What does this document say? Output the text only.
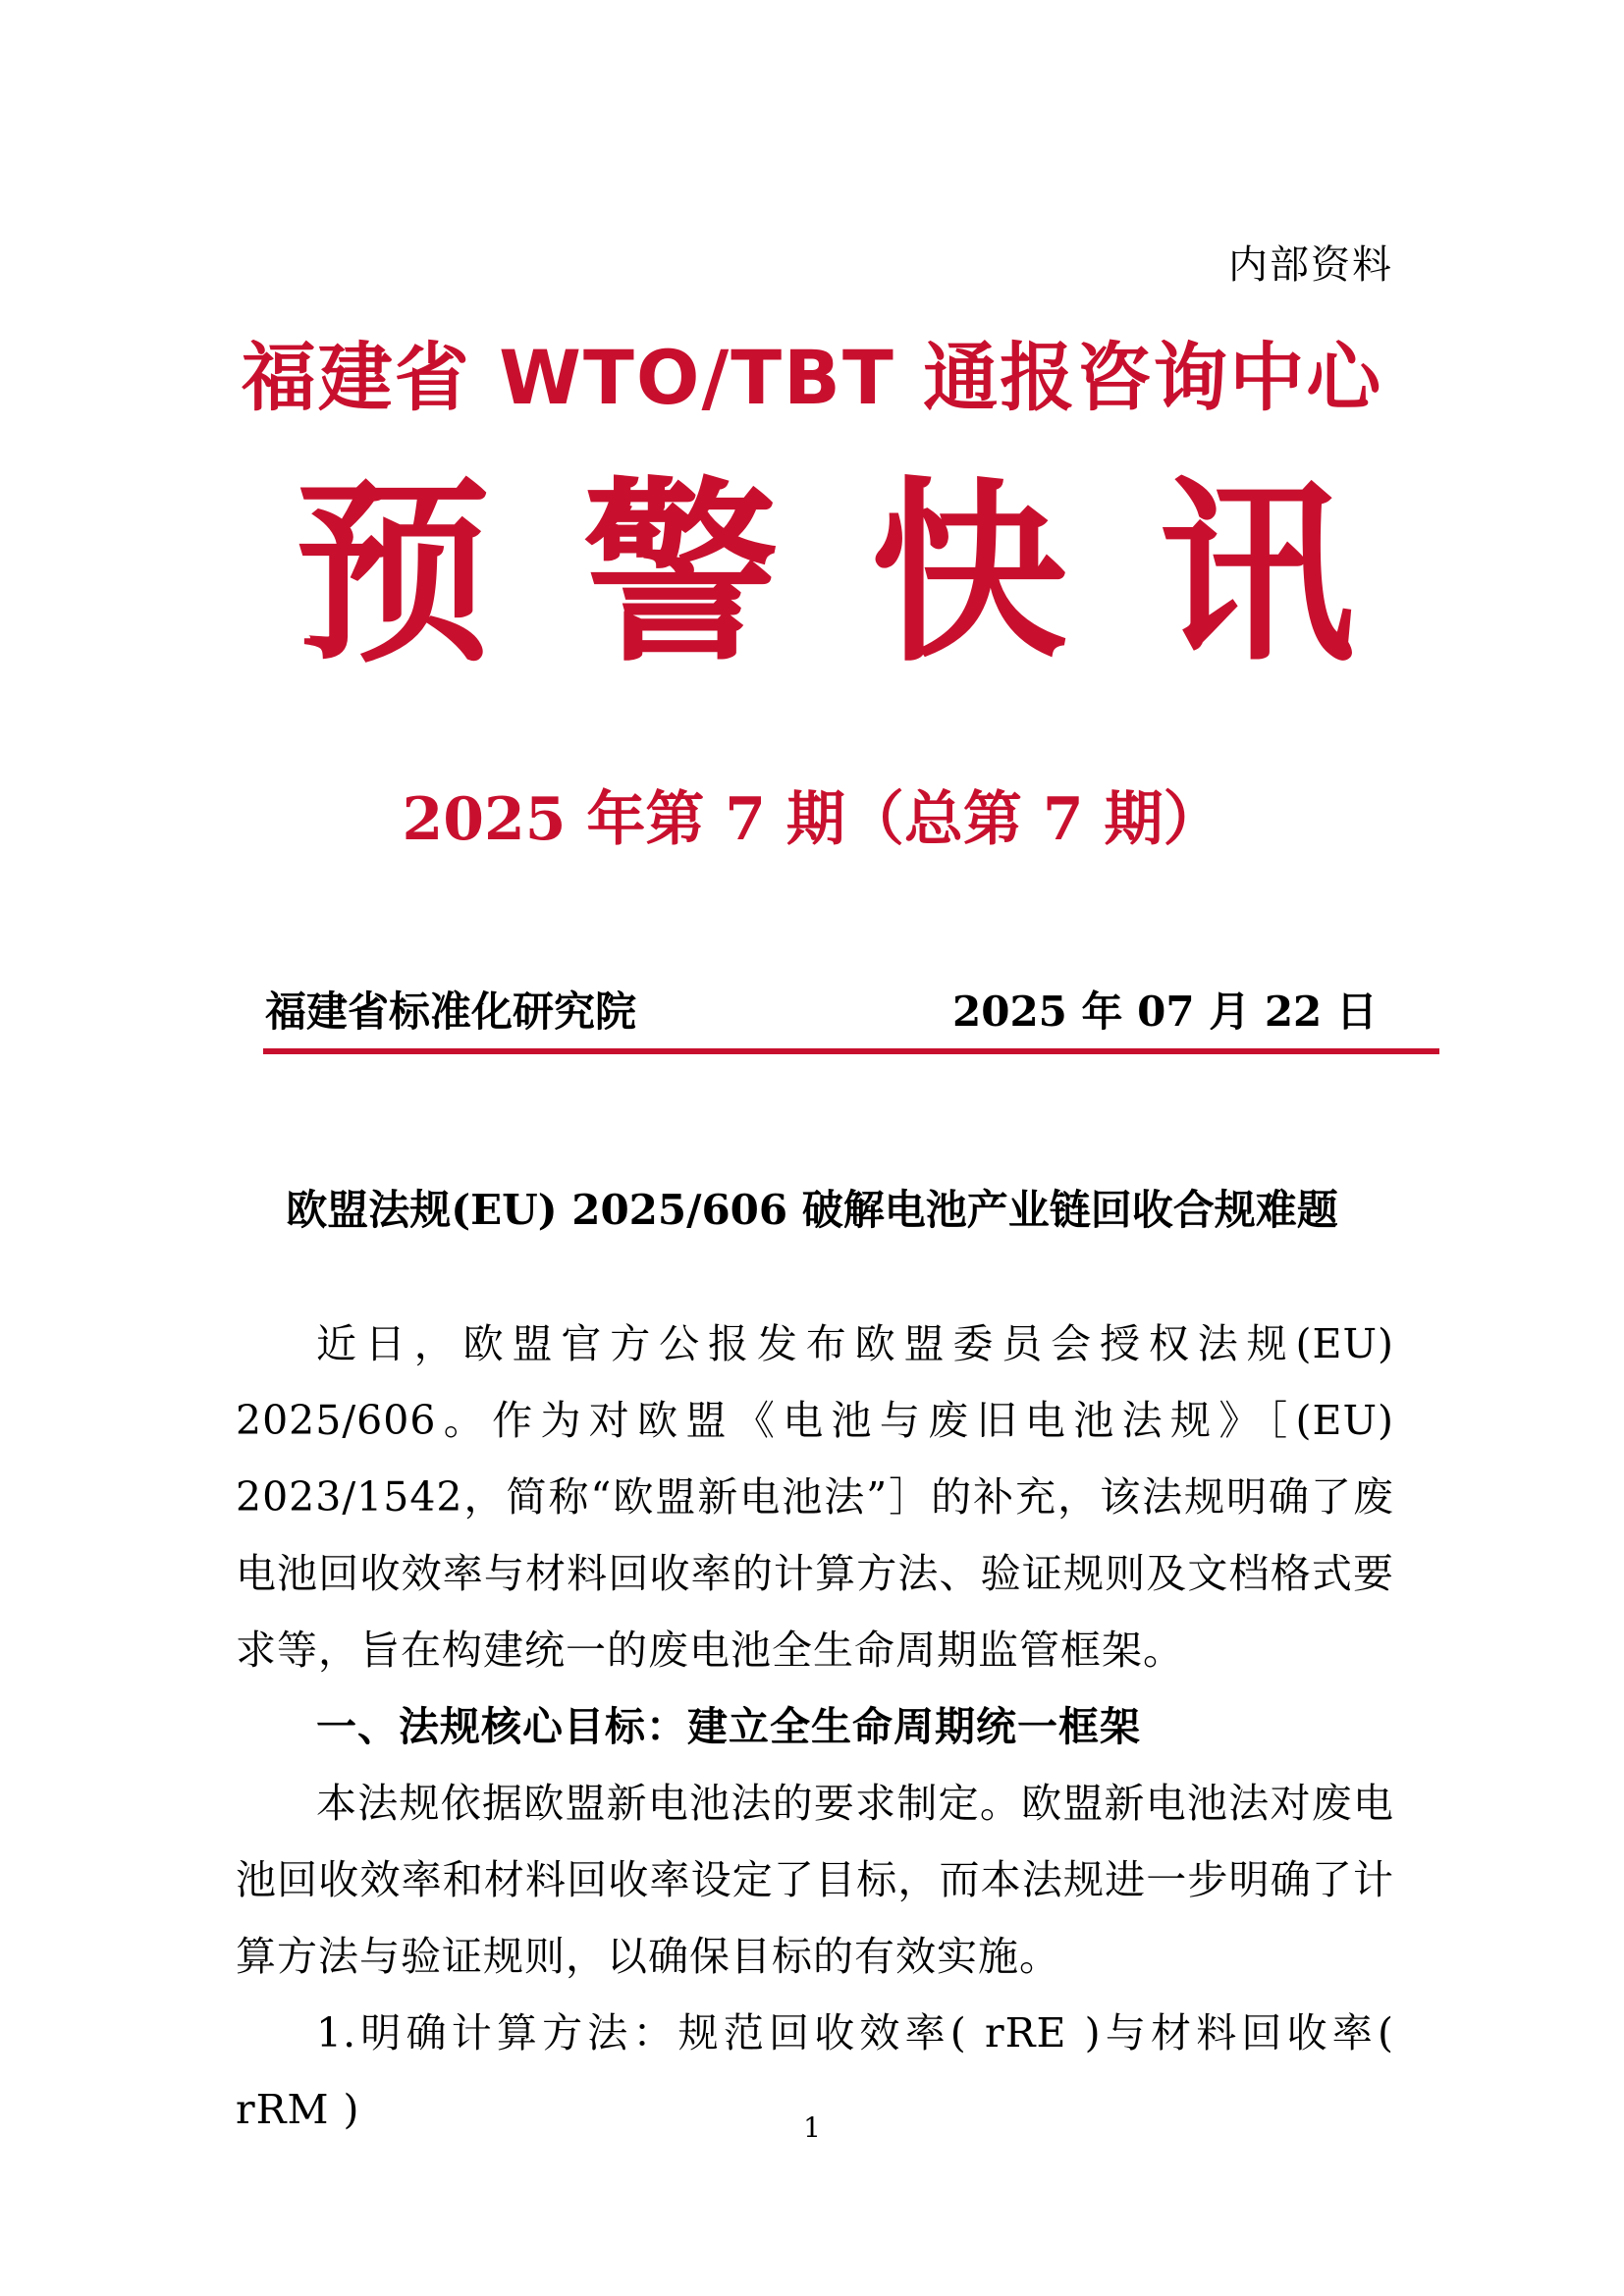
内部资料
福建省 WTO/TBT 通报咨询中心
预 警 快 讯
2025 年第 7 期（总第 7 期）
福建省标准化研究院	2025 年 07 月 22 日
欧盟法规(EU) 2025/606 破解电池产业链回收合规难题

近日，欧盟官方公报发布欧盟委员会授权法规(EU) 2025/606。作为对欧盟《电池与废旧电池法规》［(EU) 2023/1542，简称“欧盟新电池法”］的补充，该法规明确了废电池回收效率与材料回收率的计算方法、验证规则及文档格式要求等，旨在构建统一的废电池全生命周期监管框架。

一、法规核心目标：建立全生命周期统一框架

本法规依据欧盟新电池法的要求制定。欧盟新电池法对废电池回收效率和材料回收率设定了目标，而本法规进一步明确了计算方法与验证规则，以确保目标的有效实施。

1.明确计算方法：规范回收效率( rRE )与材料回收率( rRM )	1
